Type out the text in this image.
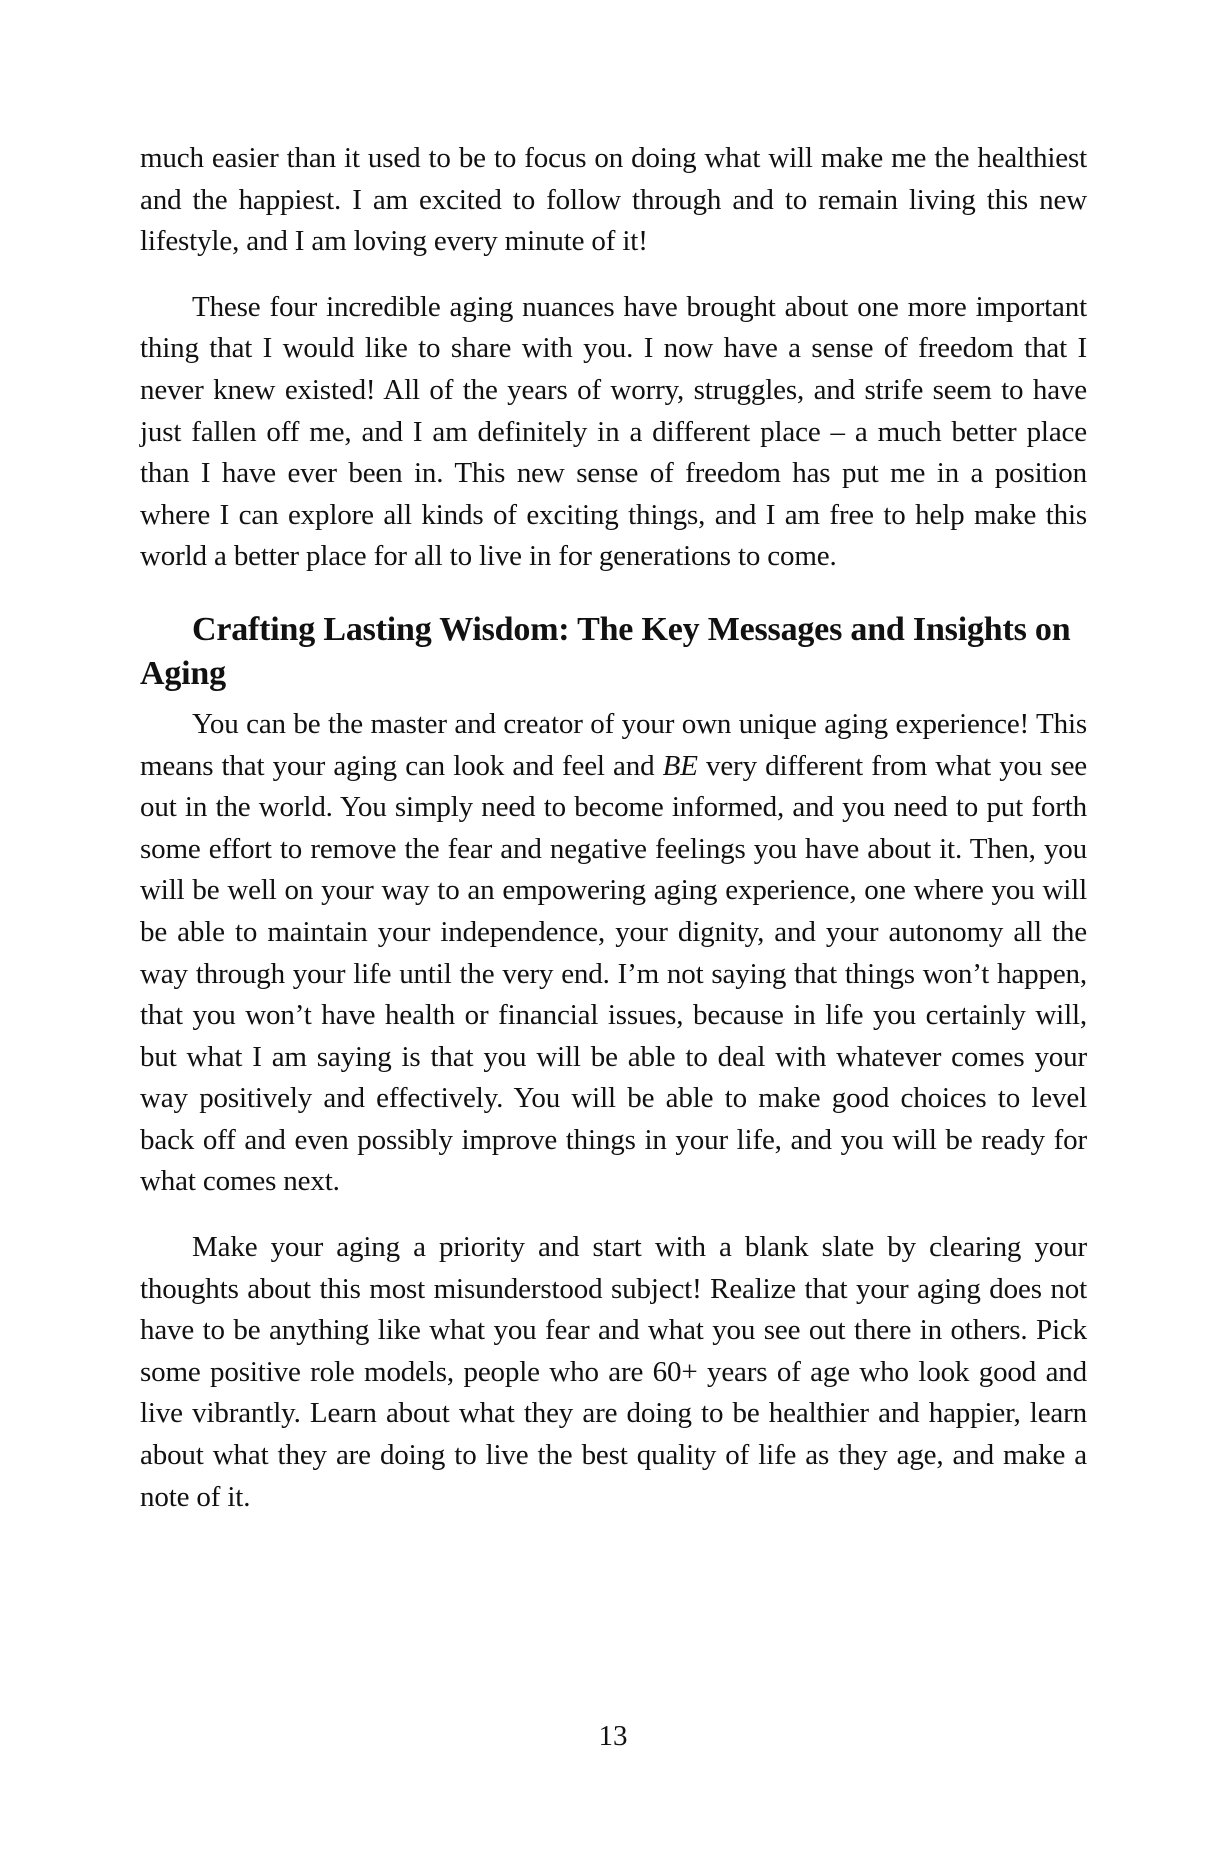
much easier than it used to be to focus on doing what will make me the healthiest and the happiest. I am excited to follow through and to remain living this new lifestyle, and I am loving every minute of it!

These four incredible aging nuances have brought about one more important thing that I would like to share with you. I now have a sense of freedom that I never knew existed! All of the years of worry, struggles, and strife seem to have just fallen off me, and I am definitely in a different place – a much better place than I have ever been in. This new sense of freedom has put me in a position where I can explore all kinds of exciting things, and I am free to help make this world a better place for all to live in for generations to come.

Crafting Lasting Wisdom: The Key Messages and Insights on Aging

You can be the master and creator of your own unique aging experience! This means that your aging can look and feel and BE very different from what you see out in the world. You simply need to become informed, and you need to put forth some effort to remove the fear and negative feelings you have about it. Then, you will be well on your way to an empowering aging experience, one where you will be able to maintain your independence, your dignity, and your autonomy all the way through your life until the very end. I’m not saying that things won’t happen, that you won’t have health or financial issues, because in life you certainly will, but what I am saying is that you will be able to deal with whatever comes your way positively and effectively. You will be able to make good choices to level back off and even possibly improve things in your life, and you will be ready for what comes next.

Make your aging a priority and start with a blank slate by clearing your thoughts about this most misunderstood subject! Realize that your aging does not have to be anything like what you fear and what you see out there in others. Pick some positive role models, people who are 60+ years of age who look good and live vibrantly. Learn about what they are doing to be healthier and happier, learn about what they are doing to live the best quality of life as they age, and make a note of it.

13
